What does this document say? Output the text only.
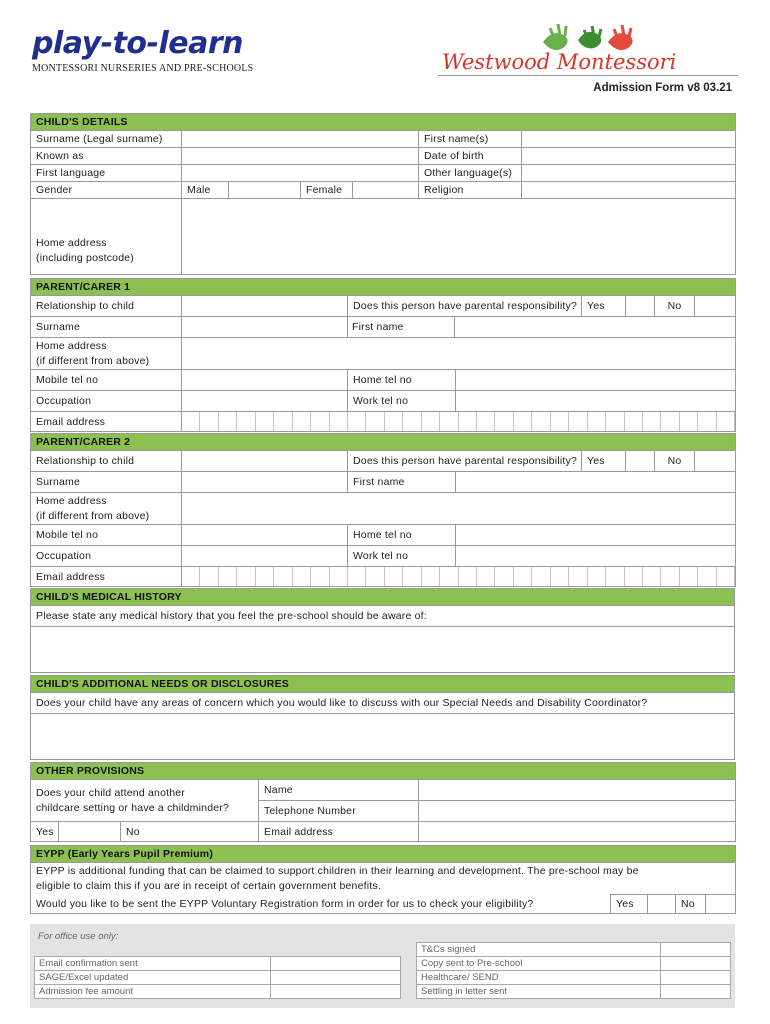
play-to-learn
MONTESSORI NURSERIES AND PRE-SCHOOLS	Westwood Montessori
Admission Form v8 03.21
CHILD'S DETAILS						
Surname (Legal surname)					First name(s)	
Known as					Date of birth	
First language					Other language(s)	
Gender	Male		Female		Religion	

Home address
(including postcode)						

PARENT/CARER 1						
Relationship to child		Does this person have parental responsibility?	Yes		No	
Surname		First name				

Home address
(if different from above)						

Mobile tel no		Home tel no				

Occupation		Work tel no				

Email address						
PARENT/CARER 2						
Relationship to child		Does this person have parental responsibility?	Yes		No	
Surname		First name				

Home address
(if different from above)						

Mobile tel no		Home tel no				

Occupation		Work tel no				

Email address						
CHILD'S MEDICAL HISTORY
Please state any medical history that you feel the pre-school should be aware of:

CHILD'S ADDITIONAL NEEDS OR DISCLOSURES
Does your child have any areas of concern which you would like to discuss with our Special Needs and Disability Coordinator?

OTHER PROVISIONS					

Does your child attend another
childcare setting or have a childminder?				Name	
				Telephone Number	
Yes		No		Email address	
EYPP (Early Years Pupil Premium)

EYPP is additional funding that can be claimed to support children in their learning and development. The pre-school may be
eligible to claim this if you are in receipt of certain government benefits.

Would you like to be sent the EYPP Voluntary Registration form in order for us to check your eligibility?	Yes		No	
For office use only:
Email confirmation sent	
SAGE/Excel updated	
Admission fee amount	
T&Cs signed	
Copy sent to Pre-school	
Healthcare/ SEND	
Settling in letter sent	
